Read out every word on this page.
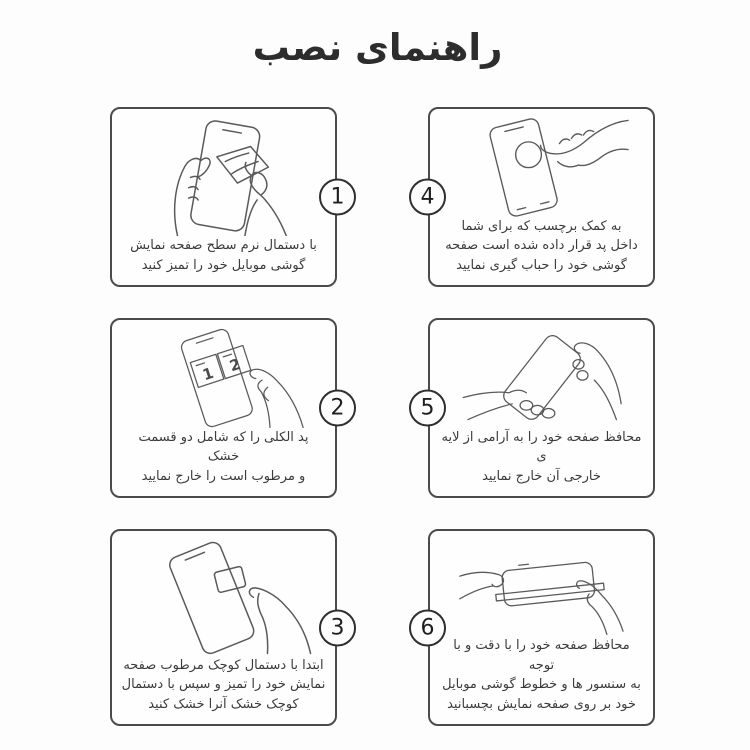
راهنمای نصب
1
با دستمال نرم سطح صفحه نمایش
گوشی موبایل خود را تمیز کنید
4
به کمک برچسب که برای شما
داخل پد قرار داده شده است صفحه
گوشی خود را حباب گیری نمایید
2
1 2
پد الکلی را که شامل دو قسمت خشک
و مرطوب است را خارج نمایید
5
محافظ صفحه خود را به آرامی از لایه ی
خارجی آن خارج نمایید
3
ابتدا با دستمال کوچک مرطوب صفحه
نمایش خود را تمیز و سپس با دستمال
کوچک خشک آنرا خشک کنید
6
محافظ صفحه خود را با دقت و با توجه
به سنسور ها و خطوط گوشی موبایل
خود بر روی صفحه نمایش بچسبانید
